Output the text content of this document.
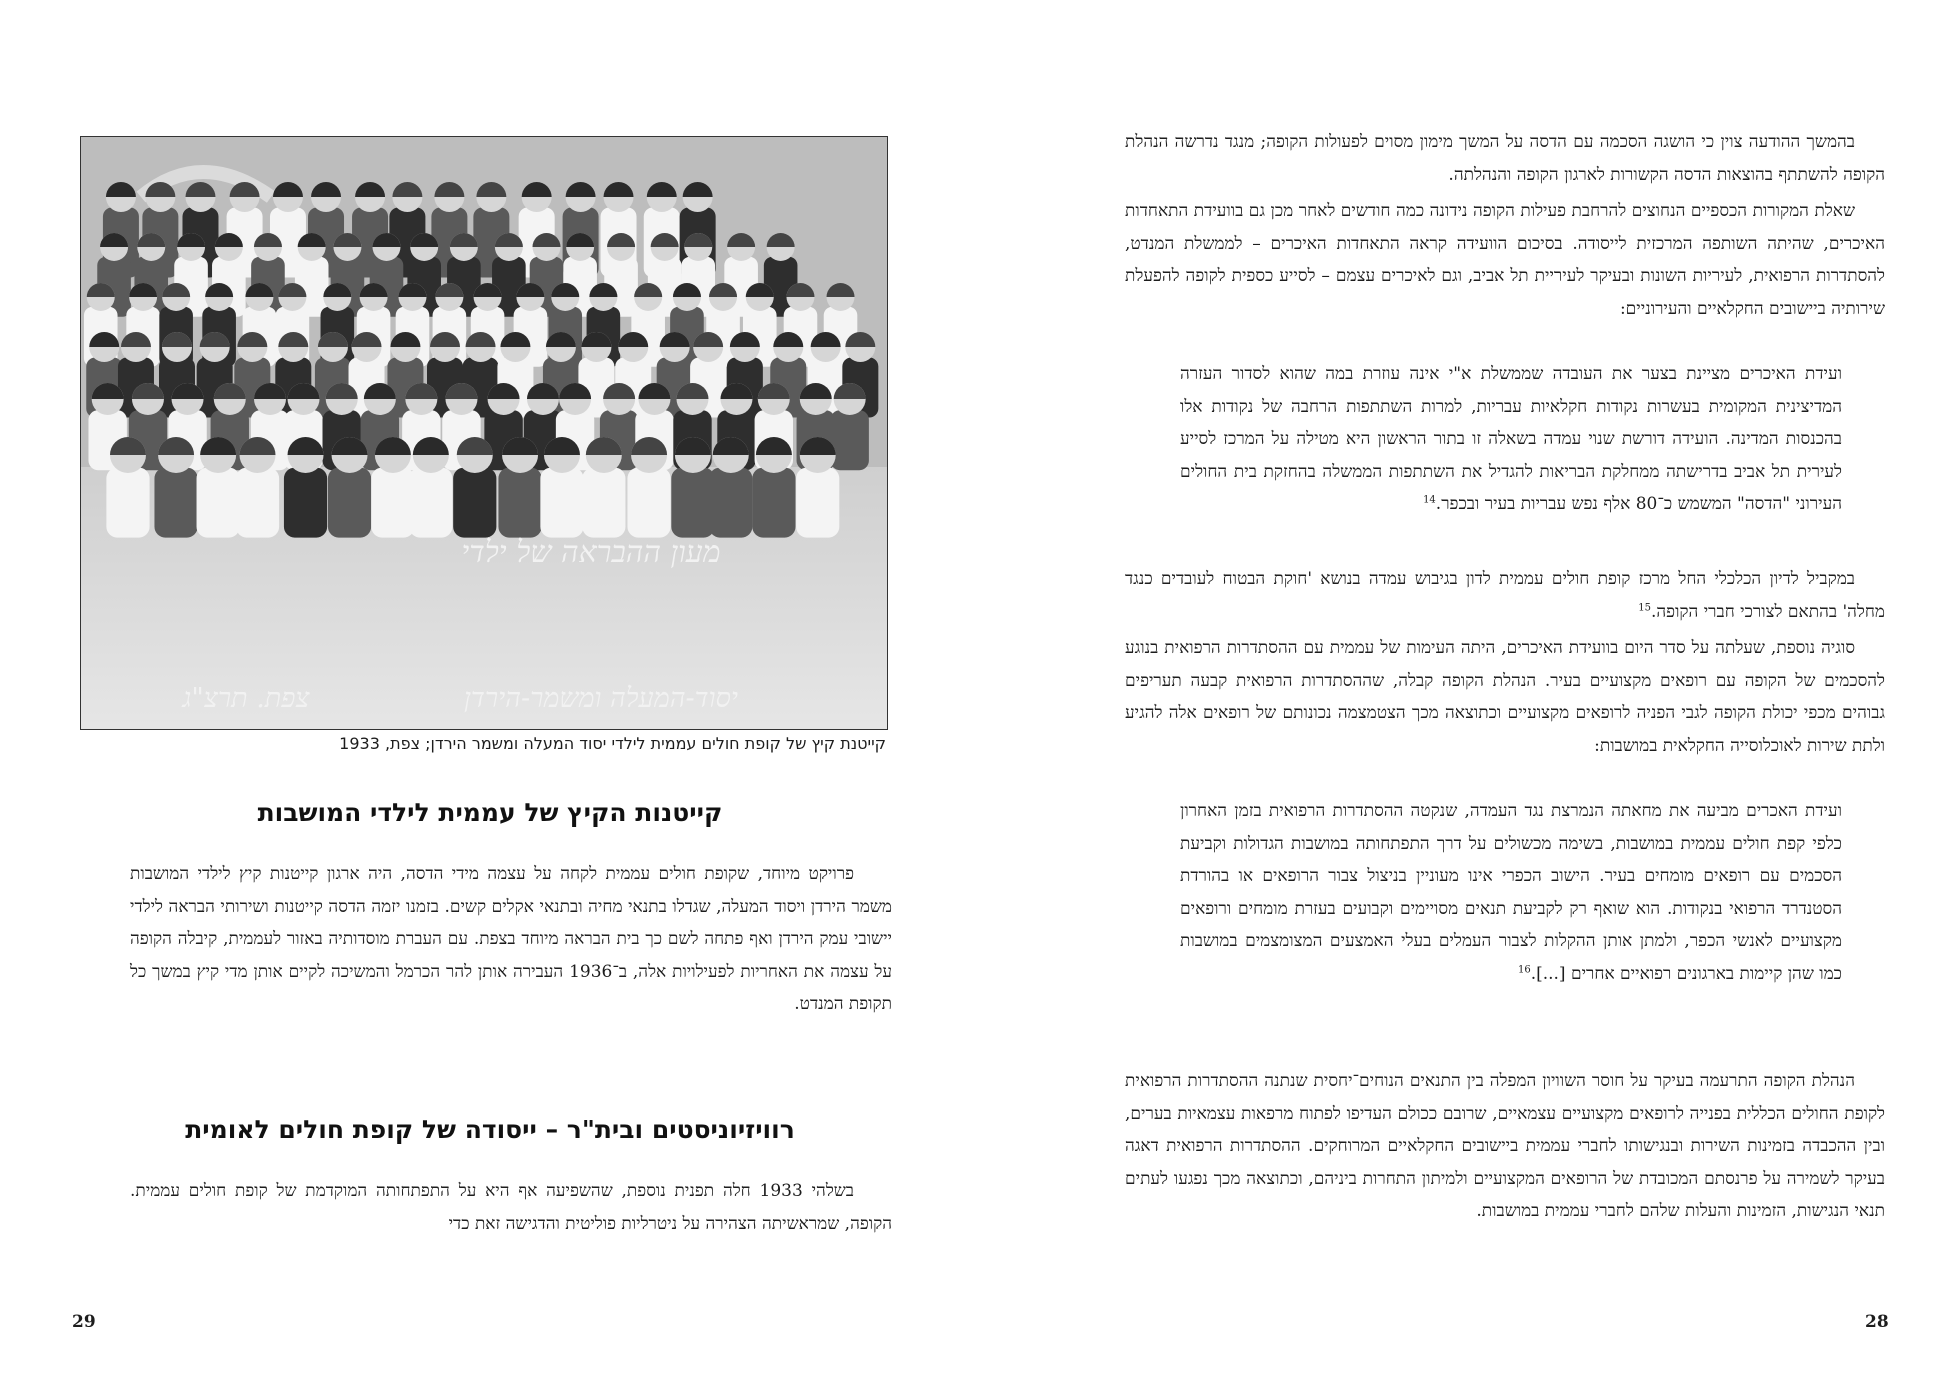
מעון ההבראה של ילדי
יסוד-המעלה ומשמר-הירדן
צפת. תרצ"ג
קייטנת קיץ של קופת חולים עממית לילדי יסוד המעלה ומשמר הירדן; צפת, 1933
קייטנות הקיץ של עממית לילדי המושבות

פרויקט מיוחד, שקופת חולים עממית לקחה על עצמה מידי הדסה, היה ארגון קייטנות קיץ לילדי המושבות משמר הירדן ויסוד המעלה, שגדלו בתנאי מחיה ובתנאי אקלים קשים. בזמנו יזמה הדסה קייטנות ושירותי הבראה לילדי יישובי עמק הירדן ואף פתחה לשם כך בית הבראה מיוחד בצפת. עם העברת מוסדותיה באזור לעממית, קיבלה הקופה על עצמה את האחריות לפעילויות אלה, ב־1936 העבירה אותן להר הכרמל והמשיכה לקיים אותן מדי קיץ במשך כל תקופת המנדט.

רוויזיוניסטים ובית"ר – ייסודה של קופת חולים לאומית

בשלהי 1933 חלה תפנית נוספת, שהשפיעה אף היא על התפתחותה המוקדמת של קופת חולים עממית. הקופה, שמראשיתה הצהירה על ניטרליות פוליטית והדגישה זאת כדי

29

בהמשך ההודעה צוין כי הושגה הסכמה עם הדסה על המשך מימון מסוים לפעולות הקופה; מנגד נדרשה הנהלת הקופה להשתתף בהוצאות הדסה הקשורות לארגון הקופה והנהלתה.

שאלת המקורות הכספיים הנחוצים להרחבת פעילות הקופה נידונה כמה חודשים לאחר מכן גם בוועידת התאחדות האיכרים, שהיתה השותפה המרכזית לייסודה. בסיכום הוועידה קראה התאחדות האיכרים – לממשלת המנדט, להסתדרות הרפואית, לעיריות השונות ובעיקר לעיריית תל אביב, וגם לאיכרים עצמם – לסייע כספית לקופה להפעלת שירותיה ביישובים החקלאיים והעירוניים:

ועידת האיכרים מציינת בצער את העובדה שממשלת א"י אינה עוזרת במה שהוא לסדור העזרה המדיצינית המקומית בעשרות נקודות חקלאיות עבריות, למרות השתתפות הרחבה של נקודות אלו בהכנסות המדינה. הועידה דורשת שנוי עמדה בשאלה זו בתור הראשון היא מטילה על המרכז לסייע לעירית תל אביב בדרישתה ממחלקת הבריאות להגדיל את השתתפות הממשלה בהחזקת בית החולים העירוני "הדסה" המשמש כ־80 אלף נפש עבריות בעיר ובכפר.$^{14}$

במקביל לדיון הכלכלי החל מרכז קופת חולים עממית לדון בגיבוש עמדה בנושא 'חוקת הבטוח לעובדים כנגד מחלה' בהתאם לצורכי חברי הקופה.$^{15}$

סוגיה נוספת, שעלתה על סדר היום בוועידת האיכרים, היתה העימות של עממית עם ההסתדרות הרפואית בנוגע להסכמים של הקופה עם רופאים מקצועיים בעיר. הנהלת הקופה קבלה, שההסתדרות הרפואית קבעה תעריפים גבוהים מכפי יכולת הקופה לגבי הפניה לרופאים מקצועיים וכתוצאה מכך הצטמצמה נכונותם של רופאים אלה להגיע ולתת שירות לאוכלוסייה החקלאית במושבות:

ועידת האכרים מביעה את מחאתה הנמרצת נגד העמדה, שנקטה ההסתדרות הרפואית בזמן האחרון כלפי קפת חולים עממית במושבות, בשימה מכשולים על דרך התפתחותה במושבות הגדולות וקביעת הסכמים עם רופאים מומחים בעיר. הישוב הכפרי אינו מעוניין בניצול צבור הרופאים או בהורדת הסטנדרד הרפואי בנקודות. הוא שואף רק לקביעת תנאים מסויימים וקבועים בעזרת מומחים ורופאים מקצועיים לאנשי הכפר, ולמתן אותן ההקלות לצבור העמלים בעלי האמצעים המצומצמים במושבות כמו שהן קיימות בארגונים רפואיים אחרים [...].$^{16}$

הנהלת הקופה התרעמה בעיקר על חוסר השוויון המפלה בין התנאים הנוחים־יחסית שנתנה ההסתדרות הרפואית לקופת החולים הכללית בפנייה לרופאים מקצועיים עצמאיים, שרובם ככולם העדיפו לפתוח מרפאות עצמאיות בערים, ובין ההכבדה בזמינות השירות ובנגישותו לחברי עממית ביישובים החקלאיים המרוחקים. ההסתדרות הרפואית דאגה בעיקר לשמירה על פרנסתם המכובדת של הרופאים המקצועיים ולמיתון התחרות ביניהם, וכתוצאה מכך נפגעו לעתים תנאי הנגישות, הזמינות והעלות שלהם לחברי עממית במושבות.

28
